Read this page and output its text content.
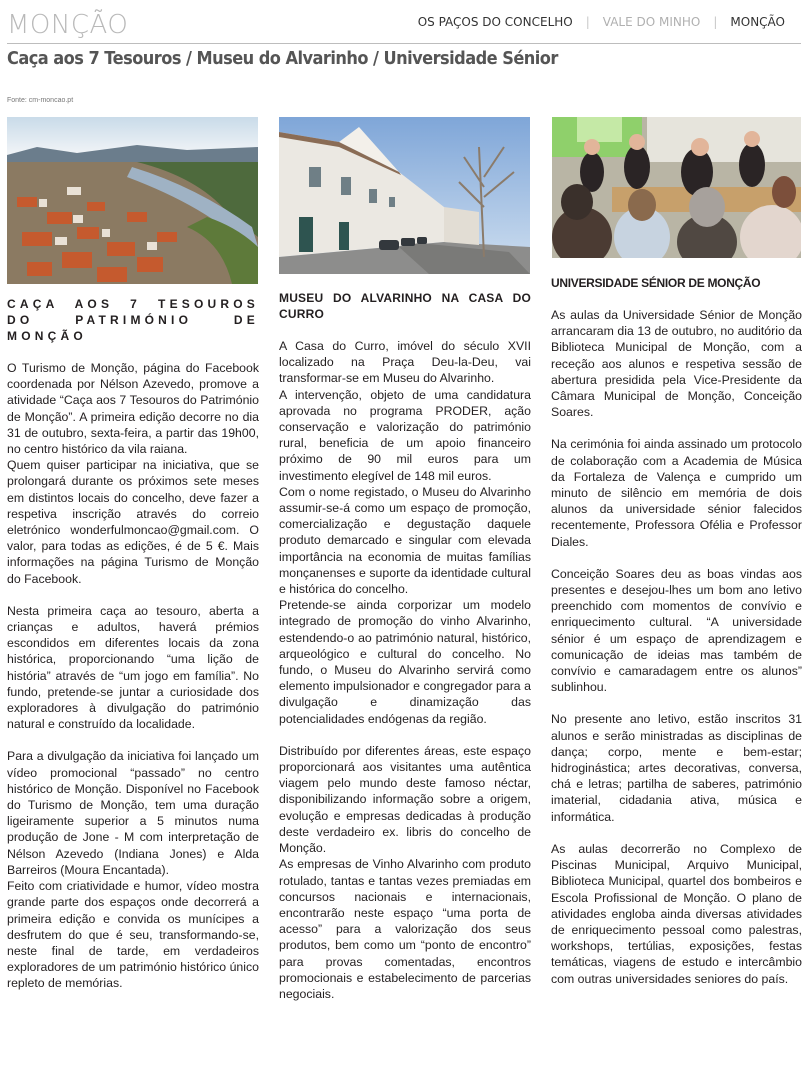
MONÇÃO	OS PAÇOS DO CONCELHO | VALE DO MINHO | MONÇÃO
Caça aos 7 Tesouros / Museu do Alvarinho / Universidade Sénior
Fonte: cm-moncao.pt
CAÇA AOS 7 TESOUROS DO PATRIMÓNIO DE MONÇÃO

O Turismo de Monção, página do Facebook coordenada por Nélson Azevedo, promove a atividade “Caça aos 7 Tesouros do Património de Monção”. A primeira edição decorre no dia 31 de outubro, sexta-feira, a partir das 19h00, no centro histórico da vila raiana.

Quem quiser participar na iniciativa, que se prolongará durante os próximos sete meses em distintos locais do concelho, deve fazer a respetiva inscrição através do correio eletrónico wonderfulmoncao@gmail.com. O valor, para todas as edições, é de 5 €. Mais informações na página Turismo de Monção do Facebook.

Nesta primeira caça ao tesouro, aberta a crianças e adultos, haverá prémios escondidos em diferentes locais da zona histórica, proporcionando “uma lição de história” através de “um jogo em família”. No fundo, pretende-se juntar a curiosidade dos exploradores à divulgação do património natural e construído da localidade.

Para a divulgação da iniciativa foi lançado um vídeo promocional “passado” no centro histórico de Monção. Disponível no Facebook do Turismo de Monção, tem uma duração ligeiramente superior a 5 minutos numa produção de Jone - M com interpretação de Nélson Azevedo (Indiana Jones) e Alda Barreiros (Moura Encantada).

Feito com criatividade e humor, vídeo mostra grande parte dos espaços onde decorrerá a primeira edição e convida os munícipes a desfrutem do que é seu, transformando-se, neste final de tarde, em verdadeiros exploradores de um património histórico único repleto de memórias.

MUSEU DO ALVARINHO NA CASA DO CURRO

A Casa do Curro, imóvel do século XVII localizado na Praça Deu-la-Deu, vai transformar-se em Museu do Alvarinho.

A intervenção, objeto de uma candidatura aprovada no programa PRODER, ação conservação e valorização do património rural, beneficia de um apoio financeiro próximo de 90 mil euros para um investimento elegível de 148 mil euros.

Com o nome registado, o Museu do Alvarinho assumir-se-á como um espaço de promoção, comercialização e degustação daquele produto demarcado e singular com elevada importância na economia de muitas famílias monçanenses e suporte da identidade cultural e histórica do concelho.

Pretende-se ainda corporizar um modelo integrado de promoção do vinho Alvarinho, estendendo-o ao património natural, histórico, arqueológico e cultural do concelho. No fundo, o Museu do Alvarinho servirá como elemento impulsionador e congregador para a divulgação e dinamização das potencialidades endógenas da região.

Distribuído por diferentes áreas, este espaço proporcionará aos visitantes uma autêntica viagem pelo mundo deste famoso néctar, disponibilizando informação sobre a origem, evolução e empresas dedicadas à produção deste verdadeiro ex. libris do concelho de Monção.

As empresas de Vinho Alvarinho com produto rotulado, tantas e tantas vezes premiadas em concursos nacionais e internacionais, encontrarão neste espaço “uma porta de acesso” para a valorização dos seus produtos, bem como um “ponto de encontro” para provas comentadas, encontros promocionais e estabelecimento de parcerias negociais.

UNIVERSIDADE SÉNIOR DE MONÇÃO

As aulas da Universidade Sénior de Monção arrancaram dia 13 de outubro, no auditório da Biblioteca Municipal de Monção, com a receção aos alunos e respetiva sessão de abertura presidida pela Vice-Presidente da Câmara Municipal de Monção, Conceição Soares.

Na cerimónia foi ainda assinado um protocolo de colaboração com a Academia de Música da Fortaleza de Valença e cumprido um minuto de silêncio em memória de dois alunos da universidade sénior falecidos recentemente, Professora Ofélia e Professor Diales.

Conceição Soares deu as boas vindas aos presentes e desejou-lhes um bom ano letivo preenchido com momentos de convívio e enriquecimento cultural. “A universidade sénior é um espaço de aprendizagem e comunicação de ideias mas também de convívio e camaradagem entre os alunos” sublinhou.

No presente ano letivo, estão inscritos 31 alunos e serão ministradas as disciplinas de dança; corpo, mente e bem-estar; hidroginástica; artes decorativas, conversa, chá e letras; partilha de saberes, património imaterial, cidadania ativa, música e informática.

As aulas decorrerão no Complexo de Piscinas Municipal, Arquivo Municipal, Biblioteca Municipal, quartel dos bombeiros e Escola Profissional de Monção. O plano de atividades engloba ainda diversas atividades de enriquecimento pessoal como palestras, workshops, tertúlias, exposições, festas temáticas, viagens de estudo e intercâmbio com outras universidades seniores do país.
